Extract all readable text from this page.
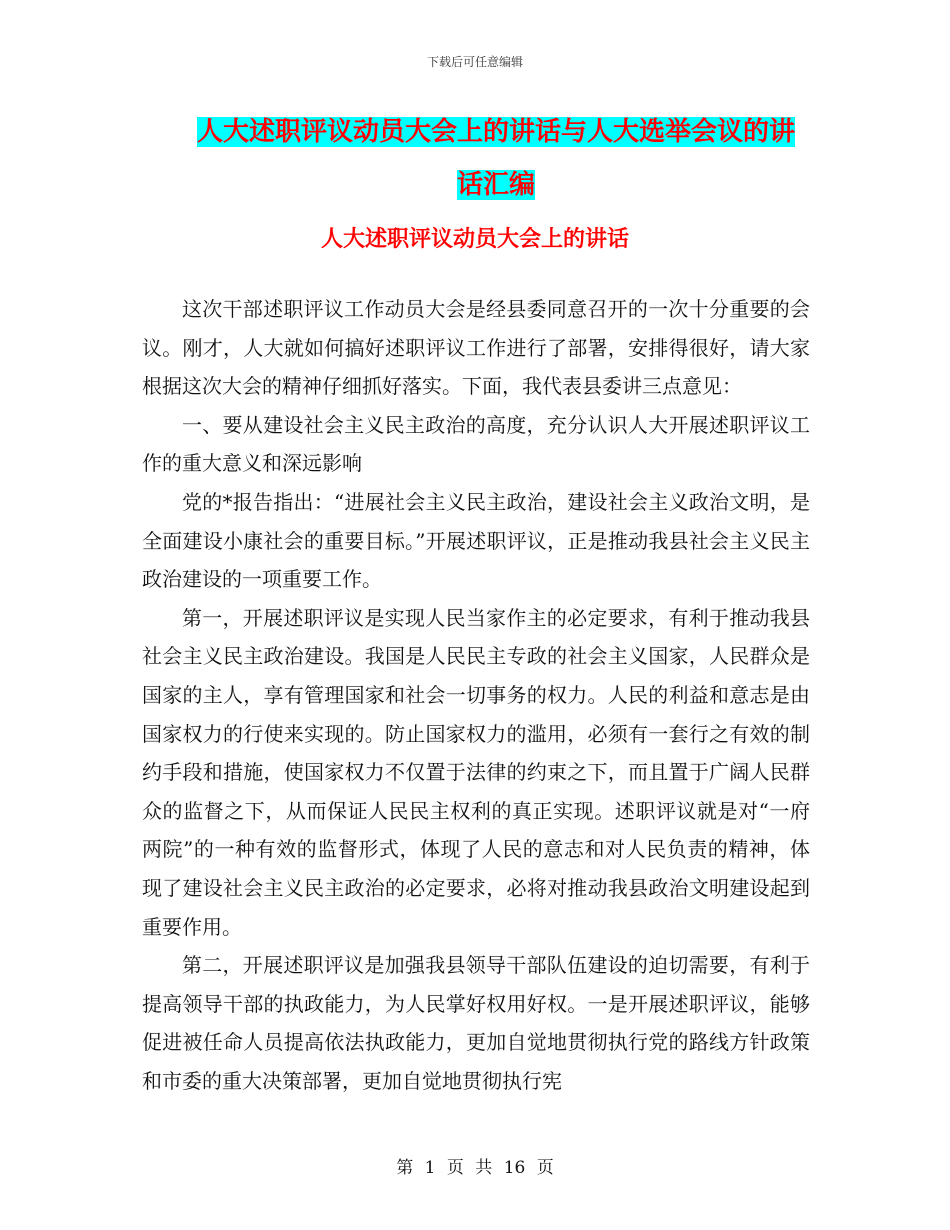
下载后可任意编辑
人大述职评议动员大会上的讲话与人大选举会议的讲
话汇编
人大述职评议动员大会上的讲话

这次干部述职评议工作动员大会是经县委同意召开的一次十分重要的会议。刚才，人大就如何搞好述职评议工作进行了部署，安排得很好，请大家根据这次大会的精神仔细抓好落实。下面，我代表县委讲三点意见：

一、要从建设社会主义民主政治的高度，充分认识人大开展述职评议工作的重大意义和深远影响

党的*报告指出：“进展社会主义民主政治，建设社会主义政治文明，是全面建设小康社会的重要目标。”开展述职评议，正是推动我县社会主义民主政治建设的一项重要工作。

第一，开展述职评议是实现人民当家作主的必定要求，有利于推动我县社会主义民主政治建设。我国是人民民主专政的社会主义国家，人民群众是国家的主人，享有管理国家和社会一切事务的权力。人民的利益和意志是由国家权力的行使来实现的。防止国家权力的滥用，必须有一套行之有效的制约手段和措施，使国家权力不仅置于法律的约束之下，而且置于广阔人民群众的监督之下，从而保证人民民主权利的真正实现。述职评议就是对“一府两院”的一种有效的监督形式，体现了人民的意志和对人民负责的精神，体现了建设社会主义民主政治的必定要求，必将对推动我县政治文明建设起到重要作用。

第二，开展述职评议是加强我县领导干部队伍建设的迫切需要，有利于提高领导干部的执政能力，为人民掌好权用好权。一是开展述职评议，能够促进被任命人员提高依法执政能力，更加自觉地贯彻执行党的路线方针政策和市委的重大决策部署，更加自觉地贯彻执行宪

第 1 页 共 16 页
